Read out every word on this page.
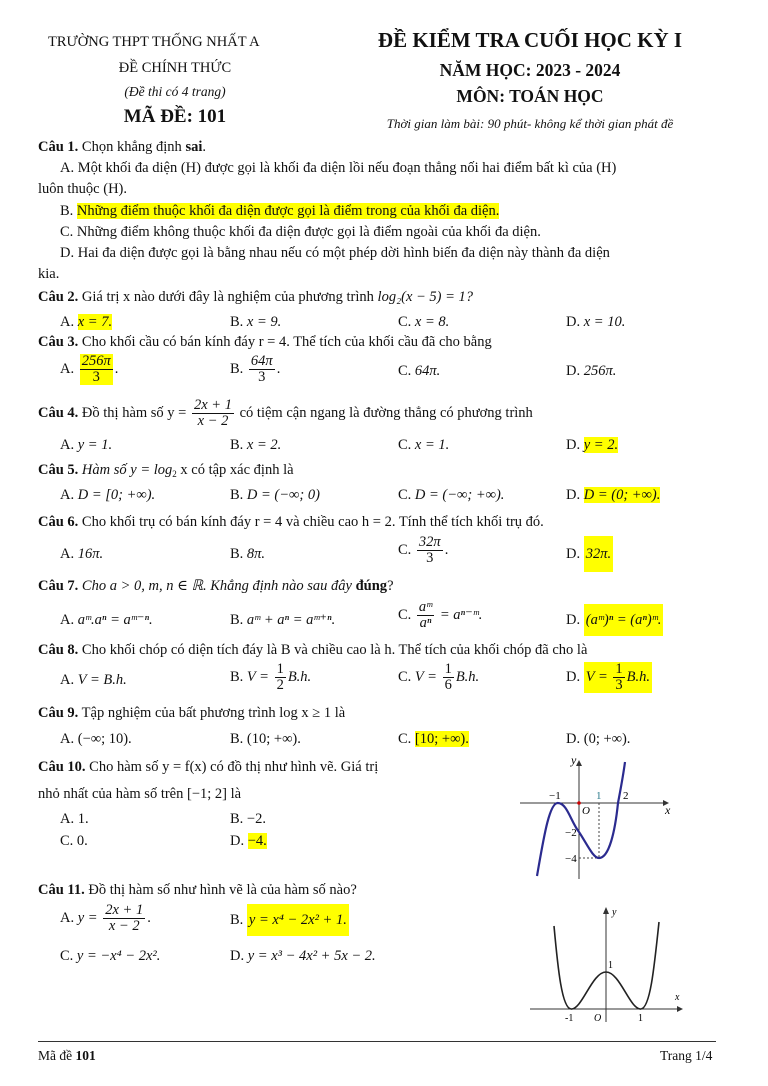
TRƯỜNG THPT THỐNG NHẤT A
ĐỀ CHÍNH THỨC
(Đề thi có 4 trang)
MÃ ĐỀ: 101
ĐỀ KIỂM TRA CUỐI HỌC KỲ I
NĂM HỌC: 2023 - 2024
MÔN: TOÁN HỌC
Thời gian làm bài: 90 phút- không kể thời gian phát đề
Câu 1. Chọn khẳng định sai.
A. Một khối đa diện (H) được gọi là khối đa diện lồi nếu đoạn thẳng nối hai điểm bất kì của (H)
luôn thuộc (H).
B. Những điểm thuộc khối đa diện được gọi là điểm trong của khối đa diện.
C. Những điểm không thuộc khối đa diện được gọi là điểm ngoài của khối đa diện.
D. Hai đa diện được gọi là bằng nhau nếu có một phép dời hình biến đa diện này thành đa diện
kia.
Câu 2. Giá trị x nào dưới đây là nghiệm của phương trình log₂(x − 5) = 1?
A. x = 7.	B. x = 9.	C. x = 8.	D. x = 10.
Câu 3. Cho khối cầu có bán kính đáy r = 4. Thể tích của khối cầu đã cho bằng
A. $\frac{256\pi}{3}$ .	B. $\frac{64\pi}{3}$ .	C. 64π.	D. 256π.
Câu 4. Đồ thị hàm số $y = \frac{2x + 1}{x - 2}$ có tiệm cận ngang là đường thẳng có phương trình
A. y = 1.	B. x = 2.	C. x = 1.	D. y = 2.
Câu 5. Hàm số $y = \log_2 x$ có tập xác định là
A. D = [0; +∞).	B. D = (−∞; 0)	C. D = (−∞; +∞).	D. D = (0; +∞).
Câu 6. Cho khối trụ có bán kính đáy r = 4 và chiều cao h = 2. Tính thể tích khối trụ đó.
A. 16π.	B. 8π.	C. $\frac{32\pi}{3}$ .	D. 32π.
Câu 7. Cho a > 0, m, n ∈ ℝ. Khẳng định nào sau đây đúng?
A. aᵐ.aⁿ = aᵐ⁻ⁿ.	B. aᵐ + aⁿ = aᵐ⁺ⁿ.	C. $\frac{\text{aᵐ}}{\text{aⁿ}}$ = aⁿ⁻ᵐ.	D. (aᵐ)ⁿ = (aⁿ)ᵐ.
Câu 8. Cho khối chóp có diện tích đáy là B và chiều cao là h. Thể tích của khối chóp đã cho là
A. V = B.h.	B. $V = \frac{1}{2} B.h$.	C. $V = \frac{1}{6} B.h$.	D. $V = \frac{1}{3} B.h$.
Câu 9. Tập nghiệm của bất phương trình log x ≥ 1 là
A. (−∞; 10).	B. (10; +∞).	C. [10; +∞).	D. (0; +∞).
Câu 10. Cho hàm số y = f(x) có đồ thị như hình vẽ. Giá trị
nhỏ nhất của hàm số trên [−1; 2] là
A. 1.	B. −2.
C. 0.	D. −4.
y
x
O
−1	1 2
−2
−4
Câu 11. Đồ thị hàm số như hình vẽ là của hàm số nào?
A. $y = \frac{2x + 1}{x - 2}$ .	B. y = x⁴ − 2x² + 1.
C. y = −x⁴ − 2x².	D. y = x³ − 4x² + 5x − 2.
y
x
O
-1	1
1
Mã đề 101	Trang 1/4
